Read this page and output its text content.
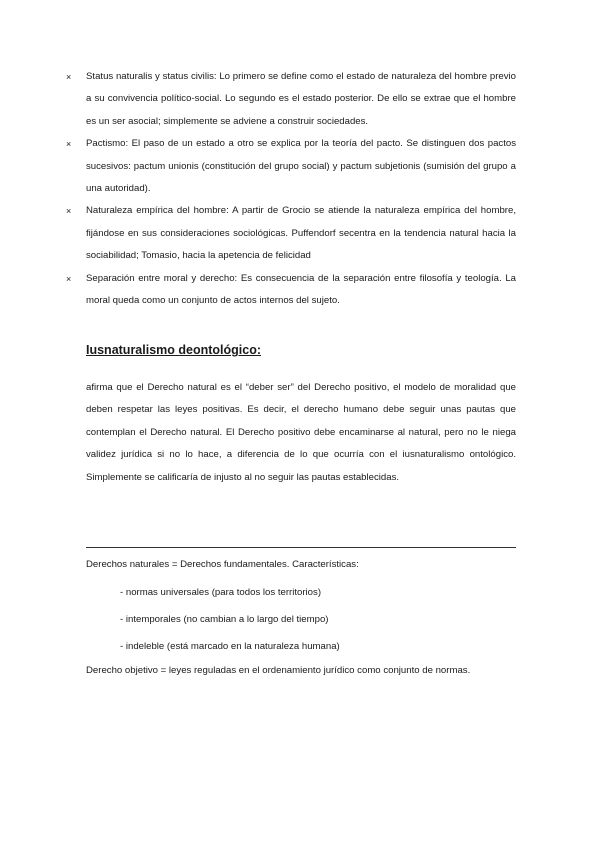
×	Status naturalis y status civilis: Lo primero se define como el estado de naturaleza del hombre previo a su convivencia político-social. Lo segundo es el estado posterior. De ello se extrae que el hombre es un ser asocial; simplemente se adviene a construir sociedades.
×	Pactismo: El paso de un estado a otro se explica por la teoría del pacto. Se distinguen dos pactos sucesivos: pactum unionis (constitución del grupo social) y pactum subjetionis (sumisión del grupo a una autoridad).
×	Naturaleza empírica del hombre: A partir de Grocio se atiende la naturaleza empírica del hombre, fijándose en sus consideraciones sociológicas. Puffendorf secentra en la tendencia natural hacia la sociabilidad; Tomasio, hacia la apetencia de felicidad
×	Separación entre moral y derecho: Es consecuencia de la separación entre filosofía y teología. La moral queda como un conjunto de actos internos del sujeto.
Iusnaturalismo deontológico:

afirma que el Derecho natural es el “deber ser” del Derecho positivo, el modelo de moralidad que deben respetar las leyes positivas. Es decir, el derecho humano debe seguir unas pautas que contemplan el Derecho natural. El Derecho positivo debe encaminarse al natural, pero no le niega validez jurídica si no lo hace, a diferencia de lo que ocurría con el iusnaturalismo ontológico. Simplemente se calificaría de injusto al no seguir las pautas establecidas.

Derechos naturales = Derechos fundamentales. Características:

- normas universales (para todos los territorios)

- intemporales (no cambian a lo largo del tiempo)

- indeleble (está marcado en la naturaleza humana)

Derecho objetivo = leyes reguladas en el ordenamiento jurídico como conjunto de normas.
